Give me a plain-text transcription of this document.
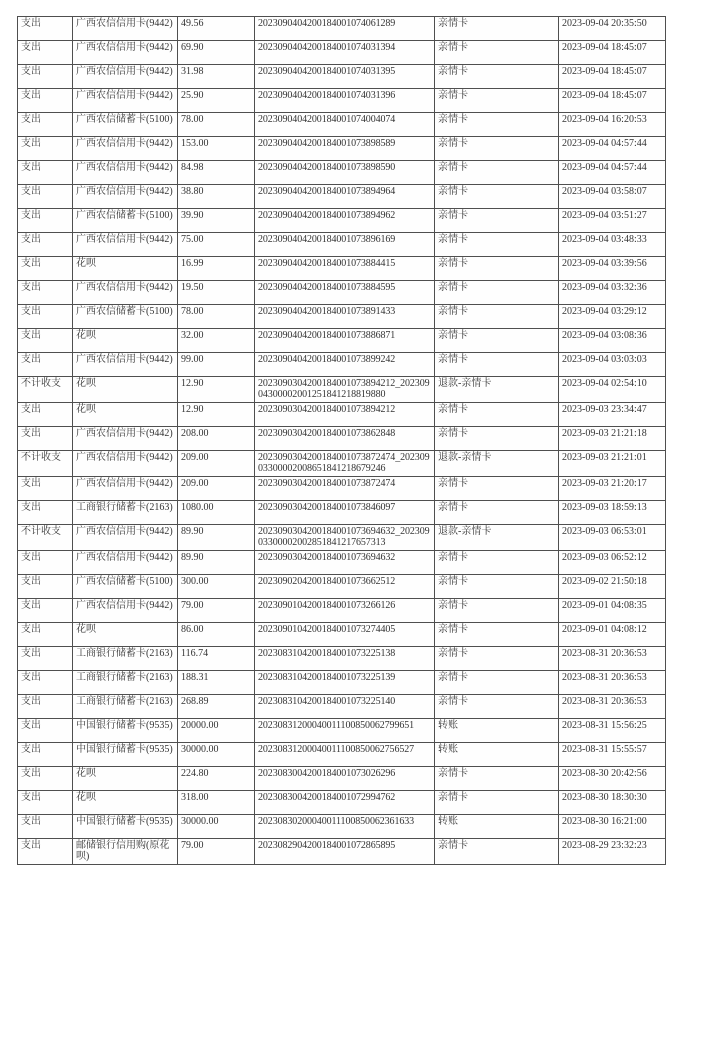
支出	广西农信信用卡(9442)	49.56	2023090404200184001074061289	亲情卡	2023-09-04 20:35:50
支出	广西农信信用卡(9442)	69.90	2023090404200184001074031394	亲情卡	2023-09-04 18:45:07
支出	广西农信信用卡(9442)	31.98	2023090404200184001074031395	亲情卡	2023-09-04 18:45:07
支出	广西农信信用卡(9442)	25.90	2023090404200184001074031396	亲情卡	2023-09-04 18:45:07
支出	广西农信储蓄卡(5100)	78.00	2023090404200184001074004074	亲情卡	2023-09-04 16:20:53
支出	广西农信信用卡(9442)	153.00	2023090404200184001073898589	亲情卡	2023-09-04 04:57:44
支出	广西农信信用卡(9442)	84.98	2023090404200184001073898590	亲情卡	2023-09-04 04:57:44
支出	广西农信信用卡(9442)	38.80	2023090404200184001073894964	亲情卡	2023-09-04 03:58:07
支出	广西农信储蓄卡(5100)	39.90	2023090404200184001073894962	亲情卡	2023-09-04 03:51:27
支出	广西农信信用卡(9442)	75.00	2023090404200184001073896169	亲情卡	2023-09-04 03:48:33
支出	花呗	16.99	2023090404200184001073884415	亲情卡	2023-09-04 03:39:56
支出	广西农信信用卡(9442)	19.50	2023090404200184001073884595	亲情卡	2023-09-04 03:32:36
支出	广西农信储蓄卡(5100)	78.00	2023090404200184001073891433	亲情卡	2023-09-04 03:29:12
支出	花呗	32.00	2023090404200184001073886871	亲情卡	2023-09-04 03:08:36
支出	广西农信信用卡(9442)	99.00	2023090404200184001073899242	亲情卡	2023-09-04 03:03:03
不计收支	花呗	12.90	2023090304200184001073894212_20230904300002001251841218819880	退款-亲情卡	2023-09-04 02:54:10
支出	花呗	12.90	2023090304200184001073894212	亲情卡	2023-09-03 23:34:47
支出	广西农信信用卡(9442)	208.00	2023090304200184001073862848	亲情卡	2023-09-03 21:21:18
不计收支	广西农信信用卡(9442)	209.00	2023090304200184001073872474_20230903300002008651841218679246	退款-亲情卡	2023-09-03 21:21:01
支出	广西农信信用卡(9442)	209.00	2023090304200184001073872474	亲情卡	2023-09-03 21:20:17
支出	工商银行储蓄卡(2163)	1080.00	2023090304200184001073846097	亲情卡	2023-09-03 18:59:13
不计收支	广西农信信用卡(9442)	89.90	2023090304200184001073694632_20230903300002002851841217657313	退款-亲情卡	2023-09-03 06:53:01
支出	广西农信信用卡(9442)	89.90	2023090304200184001073694632	亲情卡	2023-09-03 06:52:12
支出	广西农信储蓄卡(5100)	300.00	2023090204200184001073662512	亲情卡	2023-09-02 21:50:18
支出	广西农信信用卡(9442)	79.00	2023090104200184001073266126	亲情卡	2023-09-01 04:08:35
支出	花呗	86.00	2023090104200184001073274405	亲情卡	2023-09-01 04:08:12
支出	工商银行储蓄卡(2163)	116.74	2023083104200184001073225138	亲情卡	2023-08-31 20:36:53
支出	工商银行储蓄卡(2163)	188.31	2023083104200184001073225139	亲情卡	2023-08-31 20:36:53
支出	工商银行储蓄卡(2163)	268.89	2023083104200184001073225140	亲情卡	2023-08-31 20:36:53
支出	中国银行储蓄卡(9535)	20000.00	20230831200040011100850062799651	转账	2023-08-31 15:56:25
支出	中国银行储蓄卡(9535)	30000.00	20230831200040011100850062756527	转账	2023-08-31 15:55:57
支出	花呗	224.80	2023083004200184001073026296	亲情卡	2023-08-30 20:42:56
支出	花呗	318.00	2023083004200184001072994762	亲情卡	2023-08-30 18:30:30
支出	中国银行储蓄卡(9535)	30000.00	20230830200040011100850062361633	转账	2023-08-30 16:21:00
支出	邮储银行信用购(原花呗)	79.00	2023082904200184001072865895	亲情卡	2023-08-29 23:32:23
